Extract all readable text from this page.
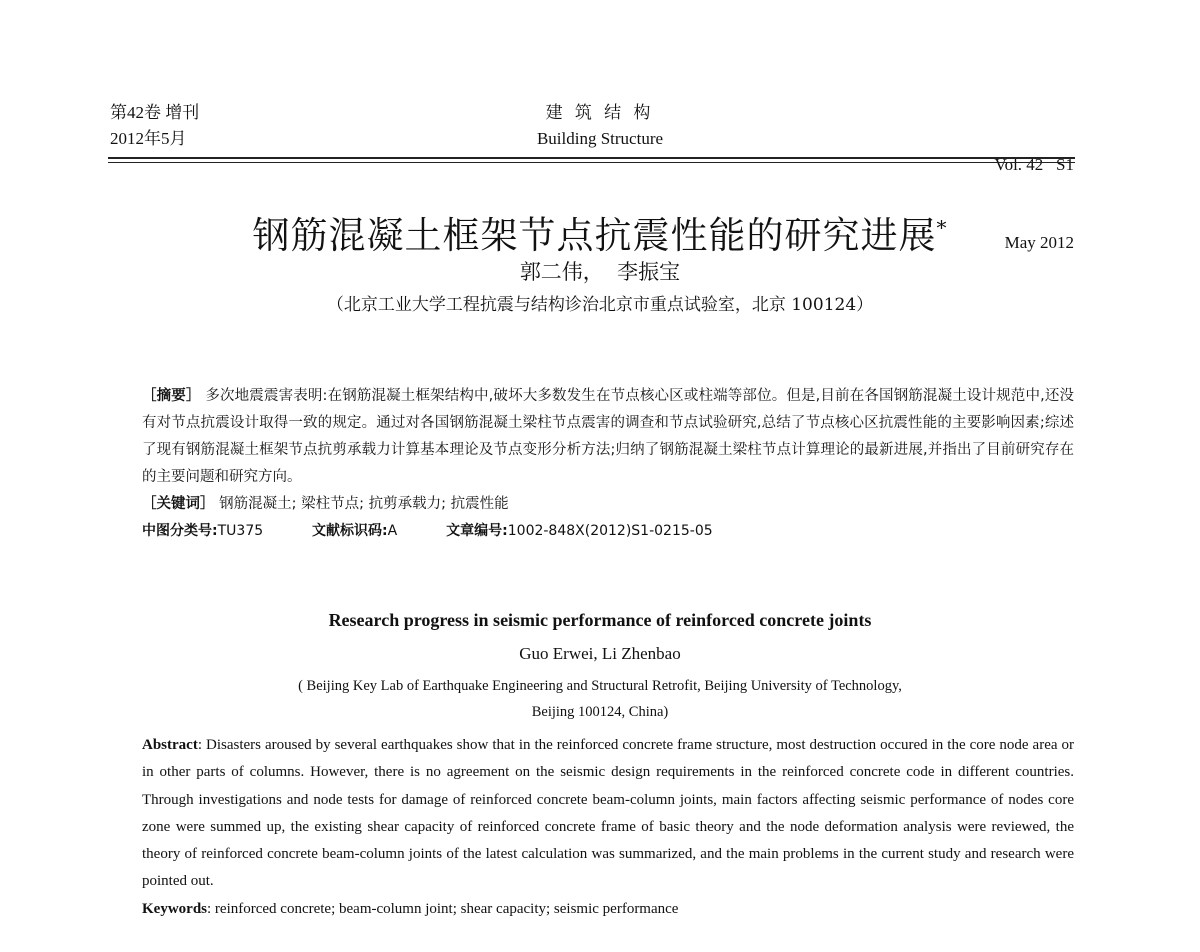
第42卷 增刊
2012年5月
建 筑 结 构
Building Structure

Vol. 42   S1

May 2012

钢筋混凝土框架节点抗震性能的研究进展*
郭二伟，  李振宝
（北京工业大学工程抗震与结构诊治北京市重点试验室，北京 100124）
［摘要］ 多次地震震害表明:在钢筋混凝土框架结构中,破坏大多数发生在节点核心区或柱端等部位。但是,目前在各国钢筋混凝土设计规范中,还没有对节点抗震设计取得一致的规定。通过对各国钢筋混凝土梁柱节点震害的调查和节点试验研究,总结了节点核心区抗震性能的主要影响因素;综述了现有钢筋混凝土框架节点抗剪承载力计算基本理论及节点变形分析方法;归纳了钢筋混凝土梁柱节点计算理论的最新进展,并指出了目前研究存在的主要问题和研究方向。
［关键词］ 钢筋混凝土; 梁柱节点; 抗剪承载力; 抗震性能
中图分类号:TU375	文献标识码:A	文章编号:1002-848X(2012)S1-0215-05
Research progress in seismic performance of reinforced concrete joints
Guo Erwei, Li Zhenbao
( Beijing Key Lab of Earthquake Engineering and Structural Retrofit, Beijing University of Technology,
Beijing 100124, China)
Abstract: Disasters aroused by several earthquakes show that in the reinforced concrete frame structure, most destruction occured in the core node area or in other parts of columns. However, there is no agreement on the seismic design requirements in the reinforced concrete code in different countries. Through investigations and node tests for damage of reinforced concrete beam-column joints, main factors affecting seismic performance of nodes core zone were summed up, the existing shear capacity of reinforced concrete frame of basic theory and the node deformation analysis were reviewed, the theory of reinforced concrete beam-column joints of the latest calculation was summarized, and the main problems in the current study and research were pointed out.
Keywords: reinforced concrete; beam-column joint; shear capacity; seismic performance
